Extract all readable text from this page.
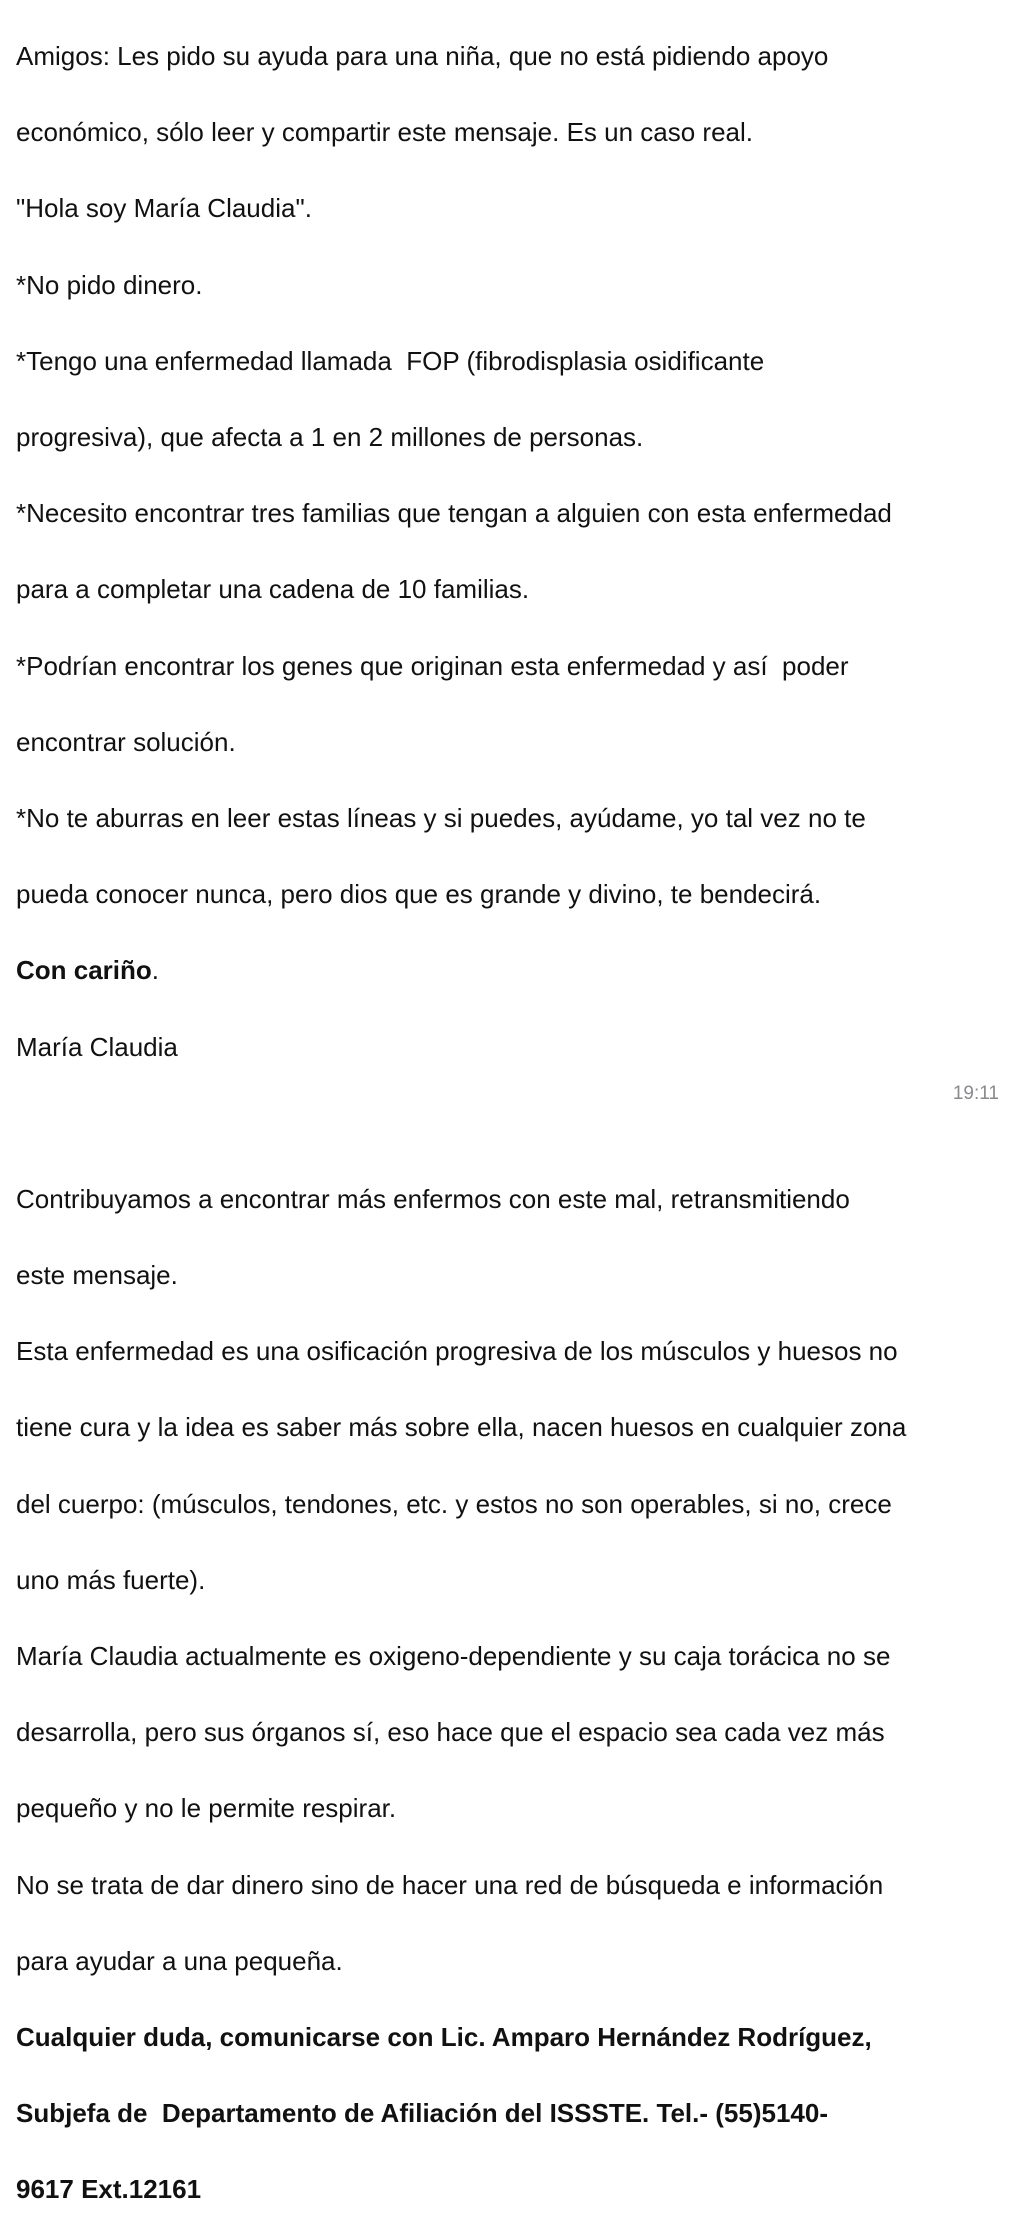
Amigos: Les pido su ayuda para una niña, que no está pidiendo apoyo

económico, sólo leer y compartir este mensaje. Es un caso real.

"Hola soy María Claudia".

*No pido dinero.

*Tengo una enfermedad llamada  FOP (fibrodisplasia osidificante

progresiva), que afecta a 1 en 2 millones de personas.

*Necesito encontrar tres familias que tengan a alguien con esta enfermedad

para a completar una cadena de 10 familias.

*Podrían encontrar los genes que originan esta enfermedad y así  poder

encontrar solución.

*No te aburras en leer estas líneas y si puedes, ayúdame, yo tal vez no te

pueda conocer nunca, pero dios que es grande y divino, te bendecirá.

Con cariño.

María Claudia

Contribuyamos a encontrar más enfermos con este mal, retransmitiendo

este mensaje.

Esta enfermedad es una osificación progresiva de los músculos y huesos no

tiene cura y la idea es saber más sobre ella, nacen huesos en cualquier zona

del cuerpo: (músculos, tendones, etc. y estos no son operables, si no, crece

uno más fuerte).

María Claudia actualmente es oxigeno-dependiente y su caja torácica no se

desarrolla, pero sus órganos sí, eso hace que el espacio sea cada vez más

pequeño y no le permite respirar.

No se trata de dar dinero sino de hacer una red de búsqueda e información

para ayudar a una pequeña.

Cualquier duda, comunicarse con Lic. Amparo Hernández Rodríguez,

Subjefa de  Departamento de Afiliación del ISSSTE. Tel.- (55)5140-

9617 Ext.12161

19:11
